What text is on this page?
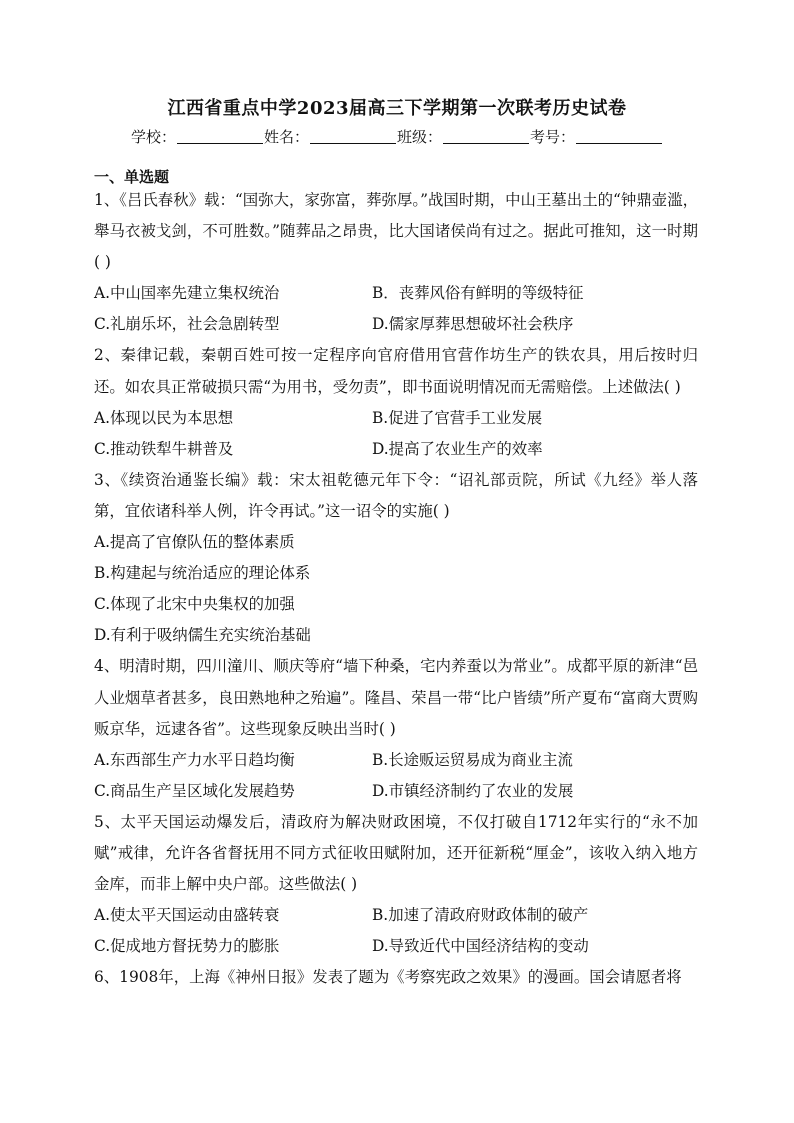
江西省重点中学2023届高三下学期第一次联考历史试卷
学校：	姓名：	班级：	考号：
一、单选题

1、《吕氏春秋》载：“国弥大，家弥富，葬弥厚。”战国时期，中山王墓出土的“钟鼎壶滥，舉马衣被戈剑，不可胜数。”随葬品之昂贵，比大国诸侯尚有过之。据此可推知，这一时期( )

A.中山国率先建立集权统治	B．丧葬风俗有鲜明的等级特征
C.礼崩乐坏，社会急剧转型	D.儒家厚葬思想破坏社会秩序

2、秦律记载，秦朝百姓可按一定程序向官府借用官营作坊生产的铁农具，用后按时归还。如农具正常破损只需“为用书，受勿责”，即书面说明情况而无需赔偿。上述做法( )

A.体现以民为本思想	B.促进了官营手工业发展
C.推动铁犁牛耕普及	D.提高了农业生产的效率

3、《续资治通鉴长编》载：宋太祖乾德元年下令：“诏礼部贡院，所试《九经》举人落第，宜依诸科举人例，许令再试。”这一诏令的实施( )

A.提高了官僚队伍的整体素质
B.构建起与统治适应的理论体系
C.体现了北宋中央集权的加强
D.有利于吸纳儒生充实统治基础

4、明清时期，四川潼川、顺庆等府“墙下种桑，宅内养蚕以为常业”。成都平原的新津“邑人业烟草者甚多，良田熟地种之殆遍”。隆昌、荣昌一带“比户皆绩”所产夏布“富商大贾购贩京华，远逮各省”。这些现象反映出当时( )

A.东西部生产力水平日趋均衡	B.长途贩运贸易成为商业主流
C.商品生产呈区域化发展趋势	D.市镇经济制约了农业的发展

5、太平天国运动爆发后，清政府为解决财政困境，不仅打破自1712年实行的“永不加赋”戒律，允许各省督抚用不同方式征收田赋附加，还开征新税“厘金”，该收入纳入地方金库，而非上解中央户部。这些做法( )

A.使太平天国运动由盛转衰	B.加速了清政府财政体制的破产
C.促成地方督抚势力的膨胀	D.导致近代中国经济结构的变动

6、1908年，上海《神州日报》发表了题为《考察宪政之效果》的漫画。国会请愿者将
